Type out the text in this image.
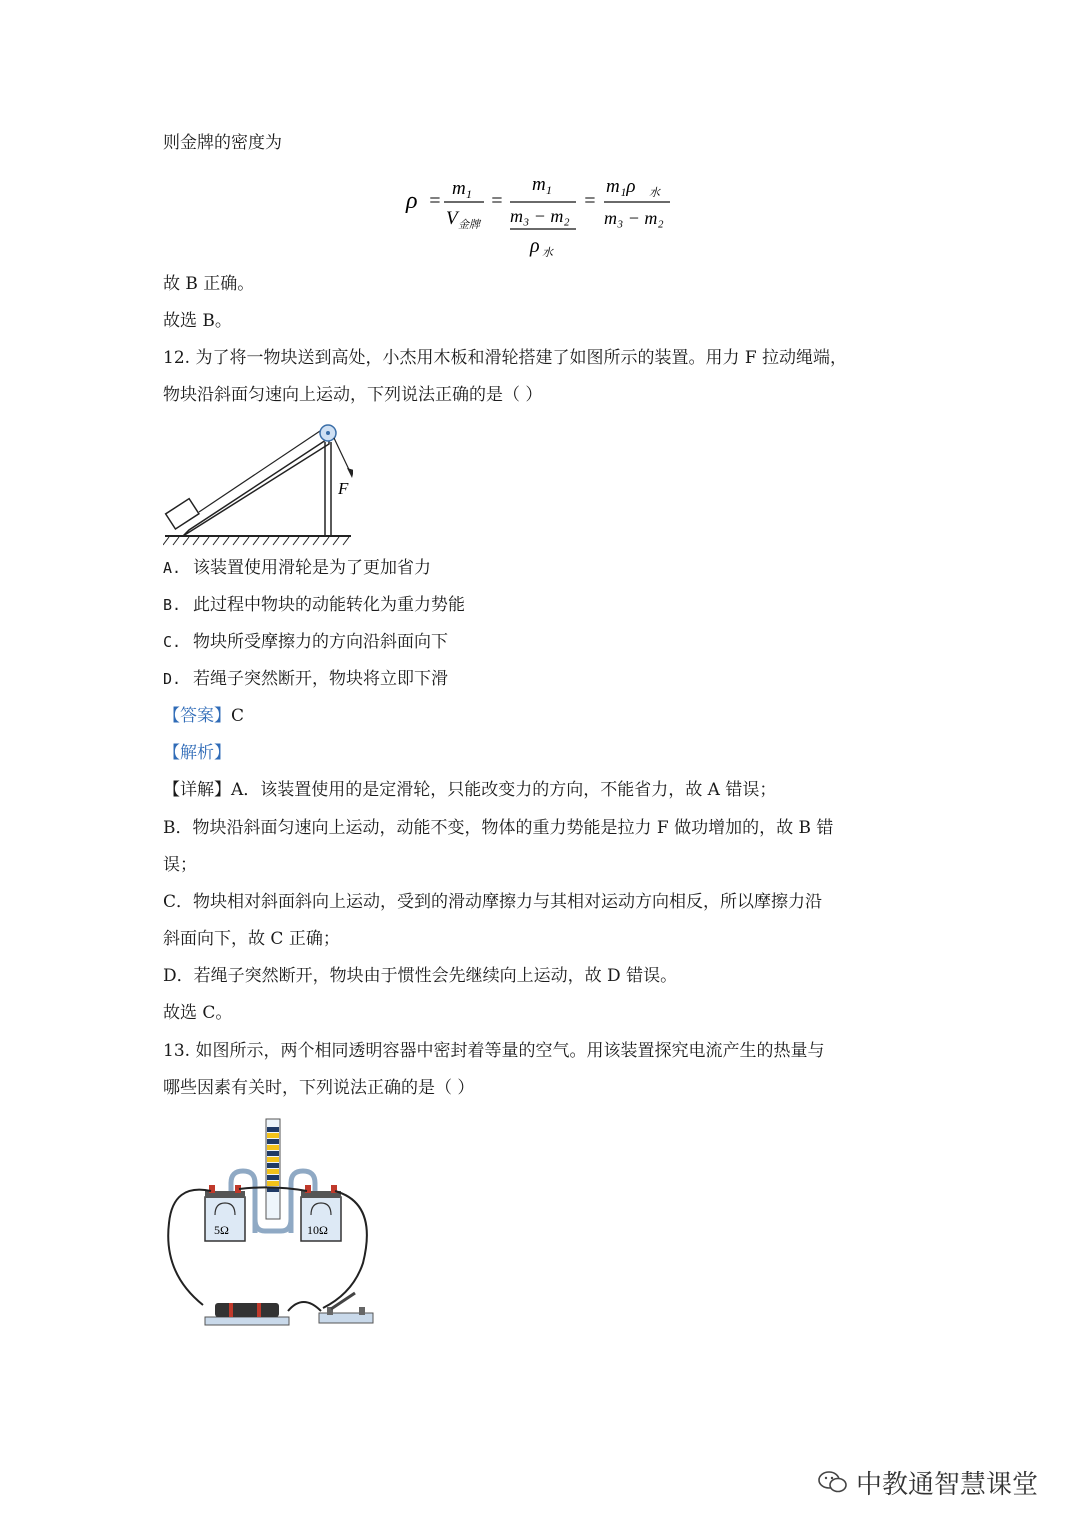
则金牌的密度为
ρ =
m 1
V 金牌
=
m 1
m₃ − m₂
ρ 水
=
m₁ρ 水
m₃ − m₂
故 B 正确。
故选 B。
12. 为了将一物块送到高处，小杰用木板和滑轮搭建了如图所示的装置。用力 F 拉动绳端，
物块沿斜面匀速向上运动，下列说法正确的是（ ）
F
A. 该装置使用滑轮是为了更加省力
B. 此过程中物块的动能转化为重力势能
C. 物块所受摩擦力的方向沿斜面向下
D. 若绳子突然断开，物块将立即下滑
【答案】C
【解析】
【详解】A．该装置使用的是定滑轮，只能改变力的方向，不能省力，故 A 错误；
B．物块沿斜面匀速向上运动，动能不变，物体的重力势能是拉力 F 做功增加的，故 B 错
误；
C．物块相对斜面斜向上运动，受到的滑动摩擦力与其相对运动方向相反，所以摩擦力沿
斜面向下，故 C 正确；
D．若绳子突然断开，物块由于惯性会先继续向上运动，故 D 错误。
故选 C。
13. 如图所示，两个相同透明容器中密封着等量的空气。用该装置探究电流产生的热量与
哪些因素有关时，下列说法正确的是（ ）
5Ω	10Ω
中教通智慧课堂
